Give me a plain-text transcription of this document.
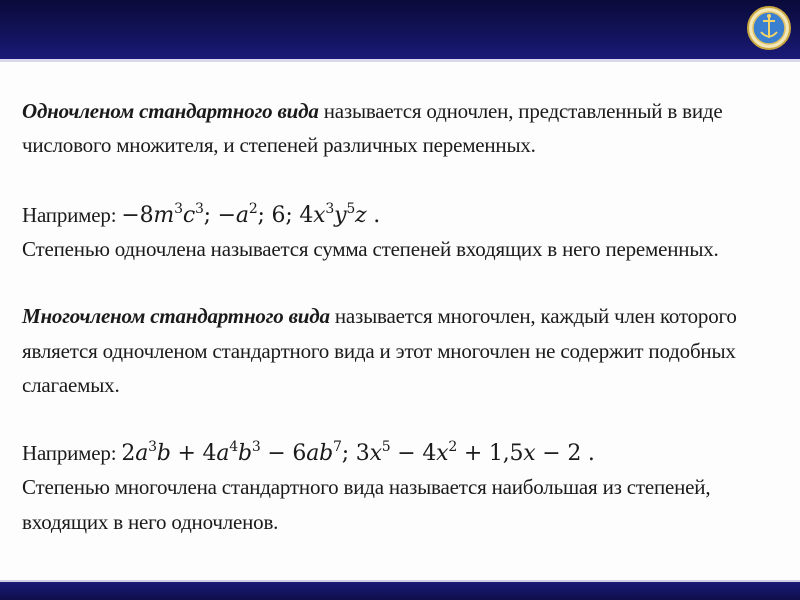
Одночленом стандартного вида называется одночлен, представленный в виде
числового множителя, и степеней различных переменных.
Например: $-8m^3c^3$; $-a^2$; 6; $4x^3y^5z$ .
Степенью одночлена называется сумма степеней входящих в него переменных.
Многочленом стандартного вида называется многочлен, каждый член которого
является одночленом стандартного вида и этот многочлен не содержит подобных
слагаемых.
Например: $2a^3b + 4a^4b^3 - 6ab^7$; $3x^5 - 4x^2 + 1,5x - 2$ .
Степенью многочлена стандартного вида называется наибольшая из степеней,
входящих в него одночленов.
